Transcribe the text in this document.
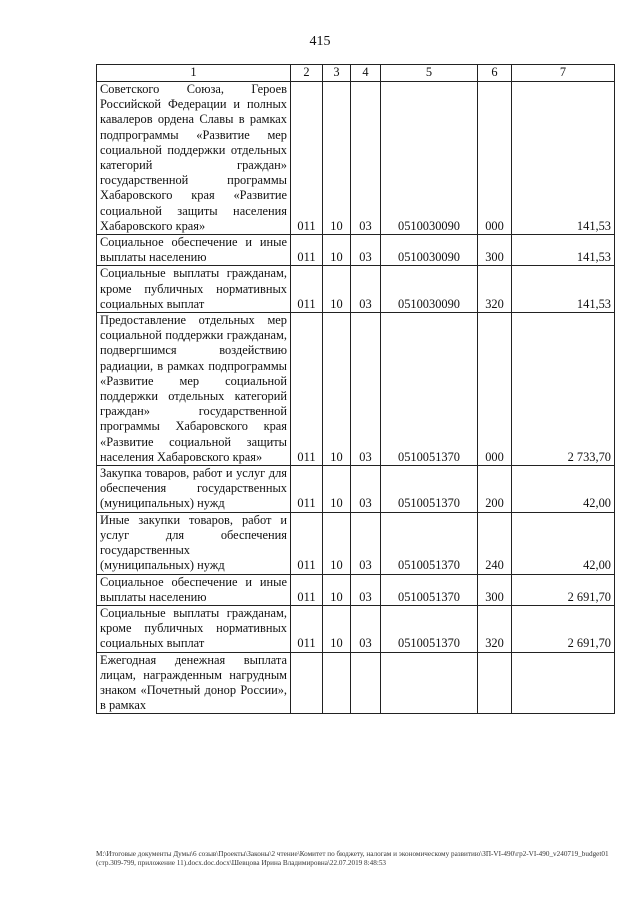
415
1	2	3	4	5	6	7
Советского Союза, Героев Российской Федерации и полных кавалеров ордена Славы в рамках подпрограммы «Развитие мер социальной поддержки отдельных категорий граждан» государственной программы Хабаровского края «Развитие социальной защиты населения Хабаровского края»	011	10	03	0510030090	000	141,53
Социальное обеспечение и иные выплаты населению	011	10	03	0510030090	300	141,53
Социальные выплаты гражданам, кроме публичных нормативных социальных выплат	011	10	03	0510030090	320	141,53
Предоставление отдельных мер социальной поддержки гражданам, подвергшимся воздействию радиации, в рамках подпрограммы «Развитие мер социальной поддержки отдельных категорий граждан» государственной программы Хабаровского края «Развитие социальной защиты населения Хабаровского края»	011	10	03	0510051370	000	2 733,70
Закупка товаров, работ и услуг для обеспечения государственных (муниципальных) нужд	011	10	03	0510051370	200	42,00
Иные закупки товаров, работ и услуг для обеспечения государственных (муниципальных) нужд	011	10	03	0510051370	240	42,00
Социальное обеспечение и иные выплаты населению	011	10	03	0510051370	300	2 691,70
Социальные выплаты гражданам, кроме публичных нормативных социальных выплат	011	10	03	0510051370	320	2 691,70
Ежегодная денежная выплата лицам, награжденным нагрудным знаком «Почетный донор России», в рамках						
M:\Итоговые документы Думы\6 созыв\Проекты\Законы\2 чтение\Комитет по бюджету, налогам и экономическому развитию\ЗП-VI-490\гр2-VI-490_v240719_budget01(стр.309-799, приложение 11).docx.doc.docx\Шевцова Ирина Владимировна\22.07.2019 8:48:53
